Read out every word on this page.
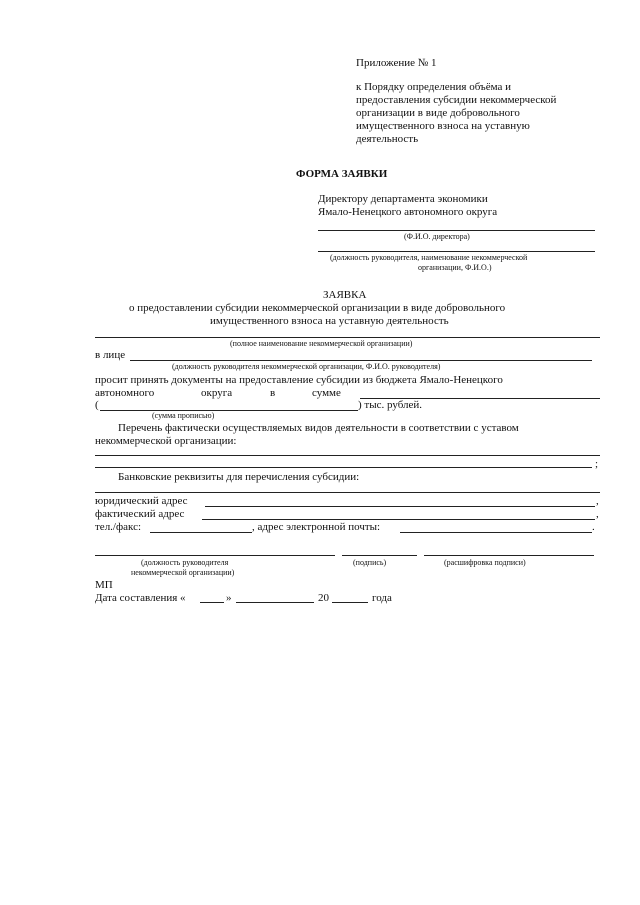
Приложение № 1
к Порядку определения объёма и
предоставления субсидии некоммерческой
организации в виде добровольного
имущественного взноса на уставную
деятельность
ФОРМА ЗАЯВКИ
Директору департамента экономики
Ямало-Ненецкого автономного округа
(Ф.И.О. директора)
(должность руководителя, наименование некоммерческой
организации, Ф.И.О.)
ЗАЯВКА
о предоставлении субсидии некоммерческой организации в виде добровольного
имущественного взноса на уставную деятельность
(полное наименование некоммерческой организации)
в лице
(должность руководителя некоммерческой организации, Ф.И.О. руководителя)
просит принять документы на предоставление субсидии из бюджета Ямало-Ненецкого
автономного	округа	в	сумме
(	) тыс. рублей.
(сумма прописью)
Перечень фактически осуществляемых видов деятельности в соответствии с уставом
некоммерческой организации:
;
Банковские реквизиты для перечисления субсидии:
юридический адрес	,
фактический адрес	,
тел./факс:	, адрес электронной почты:	.
(должность руководителя
некоммерческой организации)
(подпись)	(расшифровка подписи)
МП
Дата составления «	»	20	года
